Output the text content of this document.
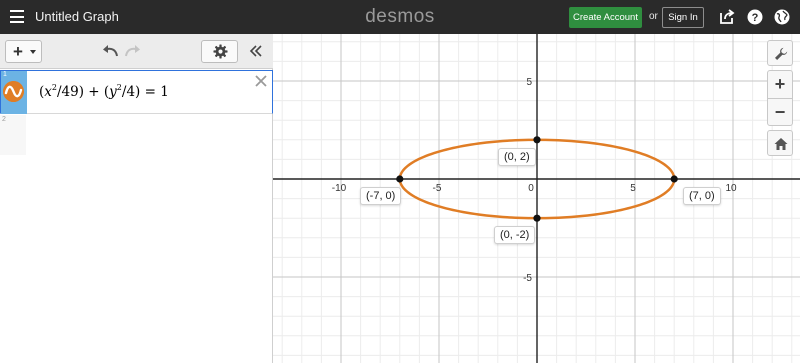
Untitled Graph	desmos	Create Account	or	Sign In	?
+
1
$(x^2/49) + (y^2/4) = 1$
2
-10	-5	0	5	10
5
-5
(0, 2)
(-7, 0)	(7, 0)
(0, -2)
+
−
